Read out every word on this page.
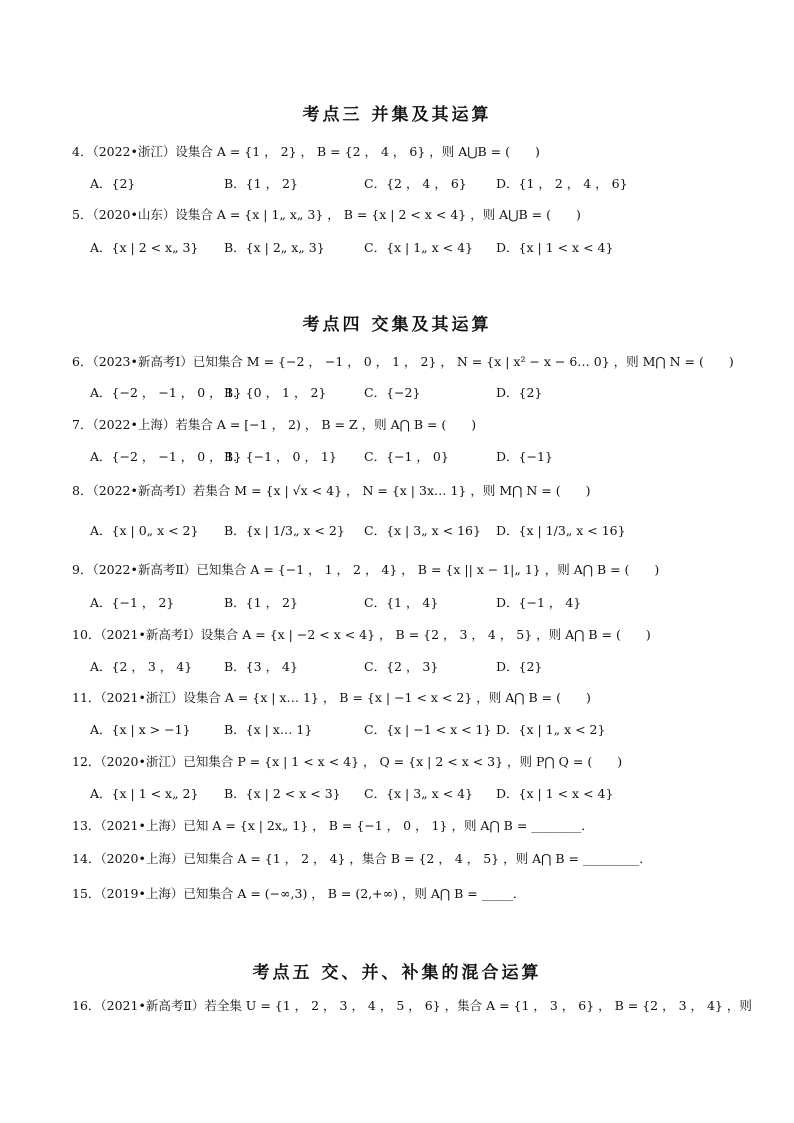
考点三 并集及其运算
4．（2022•浙江）设集合 A = {1 ， 2} ， B = {2 ， 4 ， 6} ，则 A⋃B = (　　)
A．{2}	B．{1 ， 2}	C．{2 ， 4 ， 6} D．{1 ， 2 ， 4 ， 6}
5．（2020•山东）设集合 A = {x | 1„ x„ 3} ， B = {x | 2 < x < 4} ，则 A⋃B = (　　)
A．{x | 2 < x„ 3} B．{x | 2„ x„ 3}	C．{x | 1„ x < 4} D．{x | 1 < x < 4}
考点四 交集及其运算
6．（2023•新高考Ⅰ）已知集合 M = {−2 ， −1 ， 0 ， 1 ， 2} ， N = {x | x² − x − 6… 0} ，则 M⋂ N = (　　)
A．{−2 ， −1 ， 0 ， 1}
B．{0 ， 1 ， 2}	C．{−2}	D．{2}
7．（2022•上海）若集合 A = [−1 ， 2) ， B = Z ，则 A⋂ B = (　　)
A．{−2 ， −1 ， 0 ， 1}
B．{−1 ， 0 ， 1} C．{−1 ， 0}	D．{−1}
8．（2022•新高考Ⅰ）若集合 M = {x | √x < 4} ， N = {x | 3x… 1} ，则 M⋂ N = (　　)
A．{x | 0„ x < 2} B．{x | 1/3„ x < 2} C．{x | 3„ x < 16} D．{x | 1/3„ x < 16}
9．（2022•新高考Ⅱ）已知集合 A = {−1 ， 1 ， 2 ， 4} ， B = {x || x − 1|„ 1} ，则 A⋂ B = (　　)
A．{−1 ， 2}	B．{1 ， 2}	C．{1 ， 4}	D．{−1 ， 4}
10．（2021•新高考Ⅰ）设集合 A = {x | −2 < x < 4} ， B = {2 ， 3 ， 4 ， 5} ，则 A⋂ B = (　　)
A．{2 ， 3 ， 4}	B．{3 ， 4}	C．{2 ， 3}	D．{2}
11．（2021•浙江）设集合 A = {x | x… 1} ， B = {x | −1 < x < 2} ，则 A⋂ B = (　　)
A．{x | x > −1}	B．{x | x… 1}	C．{x | −1 < x < 1} D．{x | 1„ x < 2}
12．（2020•浙江）已知集合 P = {x | 1 < x < 4} ， Q = {x | 2 < x < 3} ，则 P⋂ Q = (　　)
A．{x | 1 < x„ 2} B．{x | 2 < x < 3} C．{x | 3„ x < 4} D．{x | 1 < x < 4}
13．（2021•上海）已知 A = {x | 2x„ 1} ， B = {−1 ， 0 ， 1} ，则 A⋂ B = ________．
14．（2020•上海）已知集合 A = {1 ， 2 ， 4} ，集合 B = {2 ， 4 ， 5} ，则 A⋂ B = _________．
15．（2019•上海）已知集合 A = (−∞,3) ， B = (2,+∞) ，则 A⋂ B = _____．
考点五 交、并、补集的混合运算
16．（2021•新高考Ⅱ）若全集 U = {1 ， 2 ， 3 ， 4 ， 5 ， 6} ，集合 A = {1 ， 3 ， 6} ， B = {2 ， 3 ， 4} ，则
